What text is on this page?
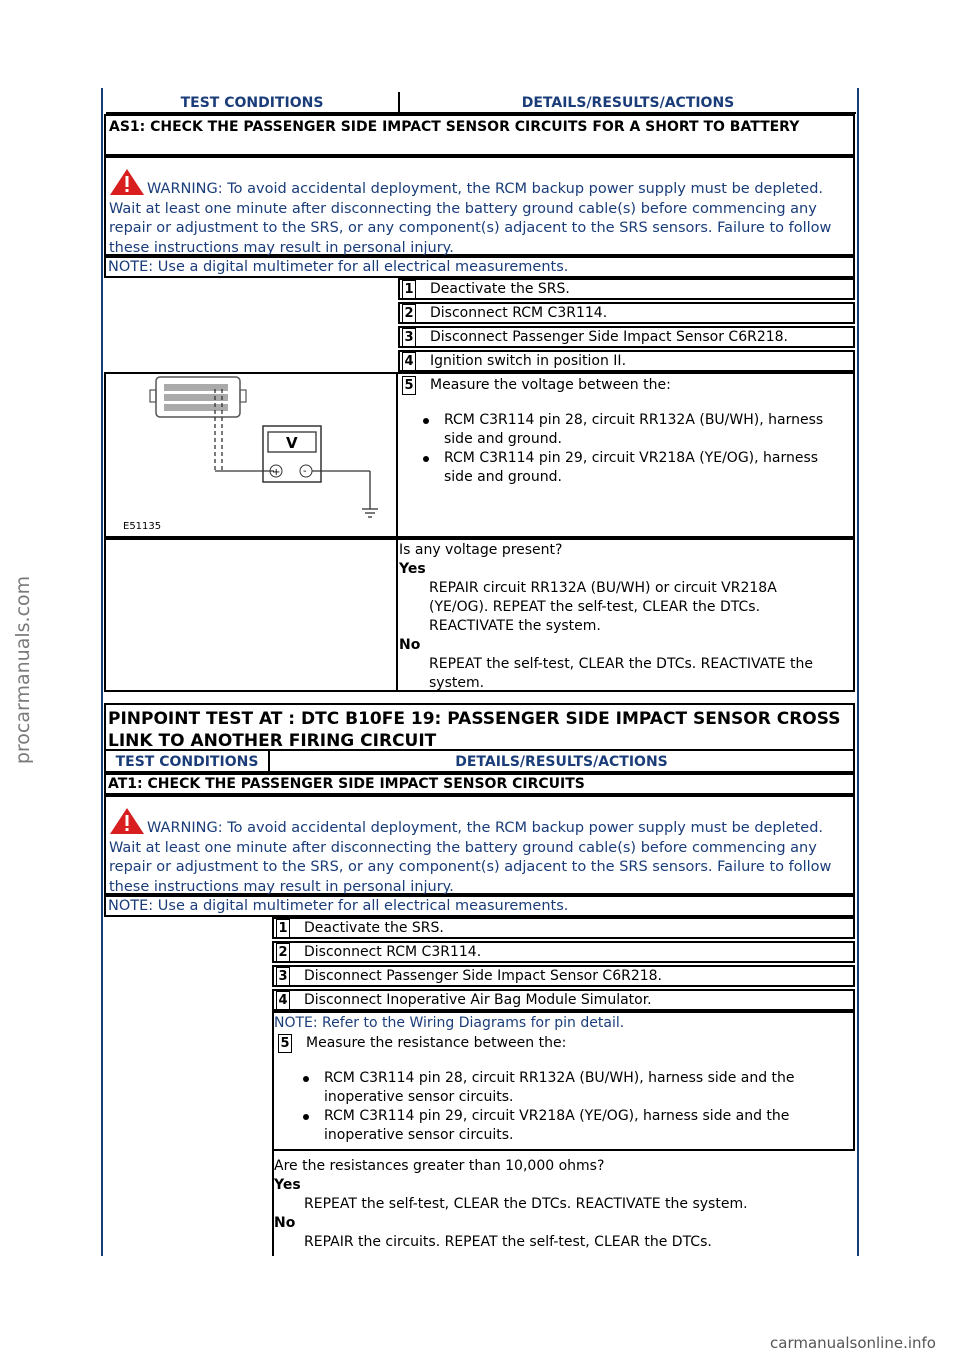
procarmanuals.com
TEST CONDITIONS	DETAILS/RESULTS/ACTIONS
AS1: CHECK THE PASSENGER SIDE IMPACT SENSOR CIRCUITS FOR A SHORT TO BATTERY
WARNING: To avoid accidental deployment, the RCM backup power supply must be depleted. Wait at least one minute after disconnecting the battery ground cable(s) before commencing any repair or adjustment to the SRS, or any component(s) adjacent to the SRS sensors. Failure to follow these instructions may result in personal injury.
NOTE: Use a digital multimeter for all electrical measurements.
1 Deactivate the SRS.
2 Disconnect RCM C3R114.
3 Disconnect Passenger Side Impact Sensor C6R218.
4 Ignition switch in position II.
5 Measure the voltage between the:
RCM C3R114 pin 28, circuit RR132A (BU/WH), harness side and ground.
RCM C3R114 pin 29, circuit VR218A (YE/OG), harness side and ground.
V
+ -
E51135
Is any voltage present?
Yes
REPAIR circuit RR132A (BU/WH) or circuit VR218A (YE/OG). REPEAT the self-test, CLEAR the DTCs. REACTIVATE the system.
No
REPEAT the self-test, CLEAR the DTCs. REACTIVATE the system.
PINPOINT TEST AT : DTC B10FE 19: PASSENGER SIDE IMPACT SENSOR CROSS LINK TO ANOTHER FIRING CIRCUIT
TEST CONDITIONS	DETAILS/RESULTS/ACTIONS
AT1: CHECK THE PASSENGER SIDE IMPACT SENSOR CIRCUITS
WARNING: To avoid accidental deployment, the RCM backup power supply must be depleted. Wait at least one minute after disconnecting the battery ground cable(s) before commencing any repair or adjustment to the SRS, or any component(s) adjacent to the SRS sensors. Failure to follow these instructions may result in personal injury.
NOTE: Use a digital multimeter for all electrical measurements.
1 Deactivate the SRS.
2 Disconnect RCM C3R114.
3 Disconnect Passenger Side Impact Sensor C6R218.
4 Disconnect Inoperative Air Bag Module Simulator.
NOTE: Refer to the Wiring Diagrams for pin detail.
5 Measure the resistance between the:
RCM C3R114 pin 28, circuit RR132A (BU/WH), harness side and the inoperative sensor circuits.
RCM C3R114 pin 29, circuit VR218A (YE/OG), harness side and the inoperative sensor circuits.
Are the resistances greater than 10,000 ohms?
Yes
REPEAT the self-test, CLEAR the DTCs. REACTIVATE the system.
No
REPAIR the circuits. REPEAT the self-test, CLEAR the DTCs.
carmanualsonline.info
